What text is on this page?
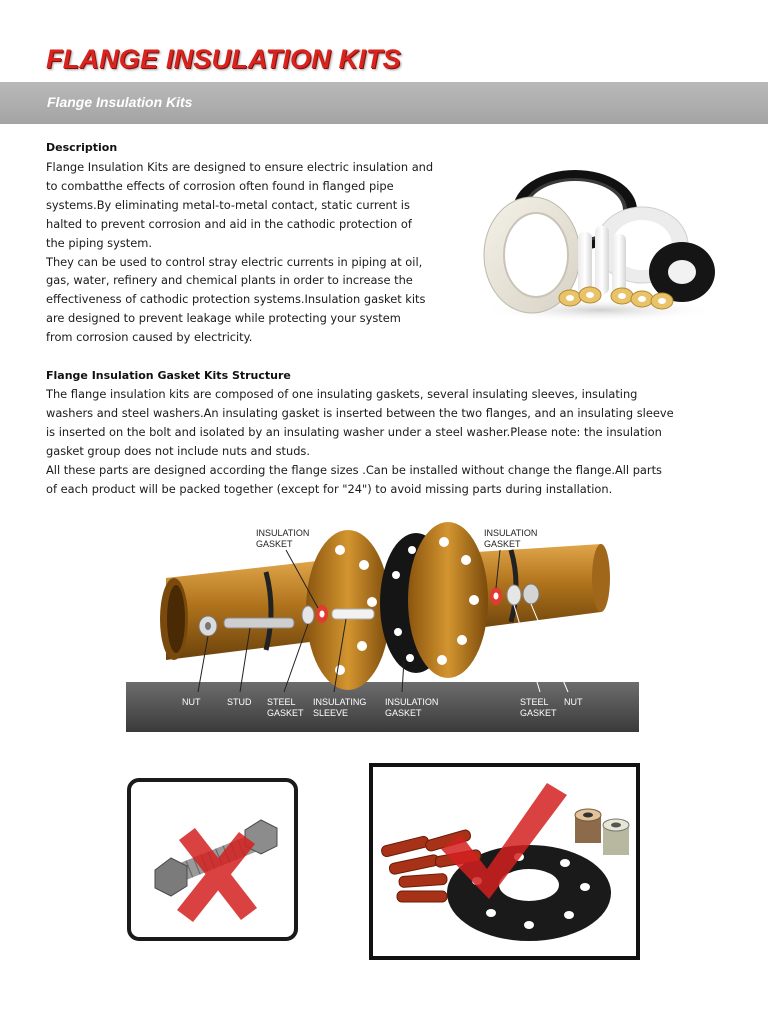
FLANGE INSULATION KITS
Flange Insulation Kits
Description

Flange Insulation Kits are designed to ensure electric insulation and

to combatthe effects of corrosion often found in flanged pipe

systems.By eliminating metal-to-metal contact, static current is

halted to prevent corrosion and aid in the cathodic protection of

the piping system.

They can be used to control stray electric currents in piping at oil,

gas, water, refinery and chemical plants in order to increase the

effectiveness of cathodic protection systems.Insulation gasket kits

are designed to prevent leakage while protecting your system

from corrosion caused by electricity.

Flange Insulation Gasket Kits Structure

The flange insulation kits are composed of one insulating gaskets, several insulating sleeves, insulating

washers and steel washers.An insulating gasket is inserted between the two flanges, and an insulating sleeve

is inserted on the bolt and isolated by an insulating washer under a steel washer.Please note: the insulation

gasket group does not include nuts and studs.

All these parts are designed according the flange sizes .Can be installed without change the flange.All parts

of each product will be packed together (except for "24") to avoid missing parts during installation.

INSULATION
GASKET
INSULATION
GASKET
NUT	STUD STEEL
GASKET
INSULATING
SLEEVE
INSULATION
GASKET
STEEL
GASKET
NUT
